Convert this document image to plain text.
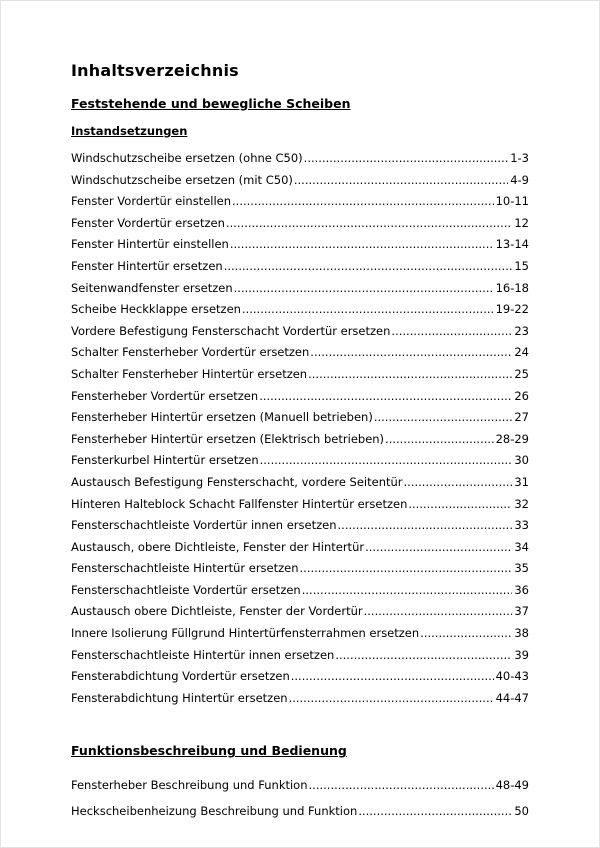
Inhaltsverzeichnis
Feststehende und bewegliche Scheiben
Instandsetzungen
Windschutzscheibe ersetzen (ohne C50) .....	1-3
Windschutzscheibe ersetzen (mit C50) .....	4-9
Fenster Vordertür einstellen .....	10-11
Fenster Vordertür ersetzen .....	12
Fenster Hintertür einstellen .....	13-14
Fenster Hintertür ersetzen .....	15
Seitenwandfenster ersetzen .....	16-18
Scheibe Heckklappe ersetzen .....	19-22
Vordere Befestigung Fensterschacht Vordertür ersetzen .....	23
Schalter Fensterheber Vordertür ersetzen .....	24
Schalter Fensterheber Hintertür ersetzen .....	25
Fensterheber Vordertür ersetzen .....	26
Fensterheber Hintertür ersetzen (Manuell betrieben) .....	27
Fensterheber Hintertür ersetzen (Elektrisch betrieben) .....	28-29
Fensterkurbel Hintertür ersetzen .....	30
Austausch Befestigung Fensterschacht, vordere Seitentür .....	31
Hinteren Halteblock Schacht Fallfenster Hintertür ersetzen .....	32
Fensterschachtleiste Vordertür innen ersetzen .....	33
Austausch, obere Dichtleiste, Fenster der Hintertür .....	34
Fensterschachtleiste Hintertür ersetzen .....	35
Fensterschachtleiste Vordertür ersetzen .....	36
Austausch obere Dichtleiste, Fenster der Vordertür .....	37
Innere Isolierung Füllgrund Hintertürfensterrahmen ersetzen .....	38
Fensterschachtleiste Hintertür innen ersetzen .....	39
Fensterabdichtung Vordertür ersetzen .....	40-43
Fensterabdichtung Hintertür ersetzen .....	44-47
Funktionsbeschreibung und Bedienung
Fensterheber Beschreibung und Funktion .....	48-49
Heckscheibenheizung Beschreibung und Funktion .....	50
